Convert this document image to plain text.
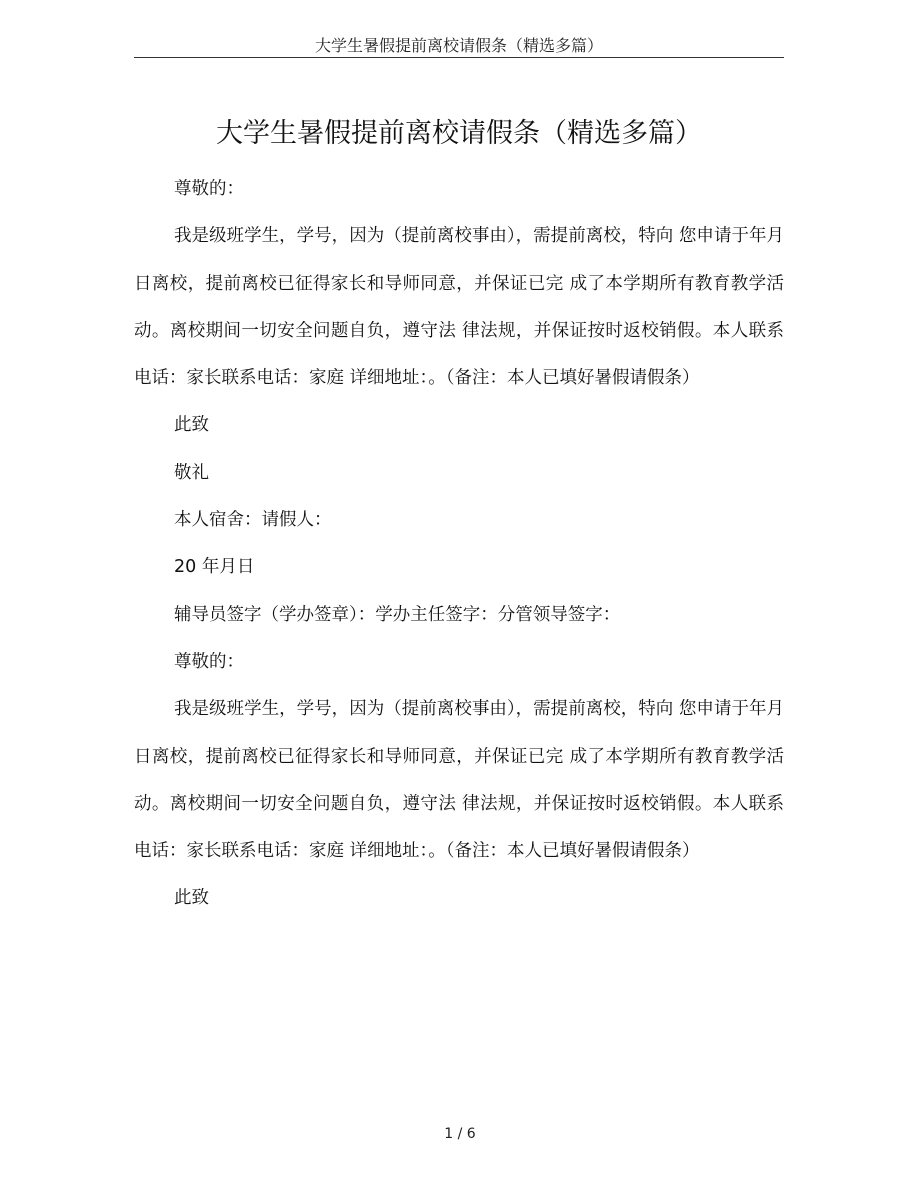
大学生暑假提前离校请假条（精选多篇）
大学生暑假提前离校请假条（精选多篇）

尊敬的：

我是级班学生，学号，因为（提前离校事由），需提前离校，特向 您申请于年月日离校，提前离校已征得家长和导师同意，并保证已完 成了本学期所有教育教学活动。离校期间一切安全问题自负，遵守法 律法规，并保证按时返校销假。本人联系电话：家长联系电话：家庭 详细地址：。（备注：本人已填好暑假请假条）

此致

敬礼

本人宿舍：请假人：

20 年月日

辅导员签字（学办签章）：学办主任签字：分管领导签字：

尊敬的：

我是级班学生，学号，因为（提前离校事由），需提前离校，特向 您申请于年月日离校，提前离校已征得家长和导师同意，并保证已完 成了本学期所有教育教学活动。离校期间一切安全问题自负，遵守法 律法规，并保证按时返校销假。本人联系电话：家长联系电话：家庭 详细地址：。（备注：本人已填好暑假请假条）

此致

1 / 6
